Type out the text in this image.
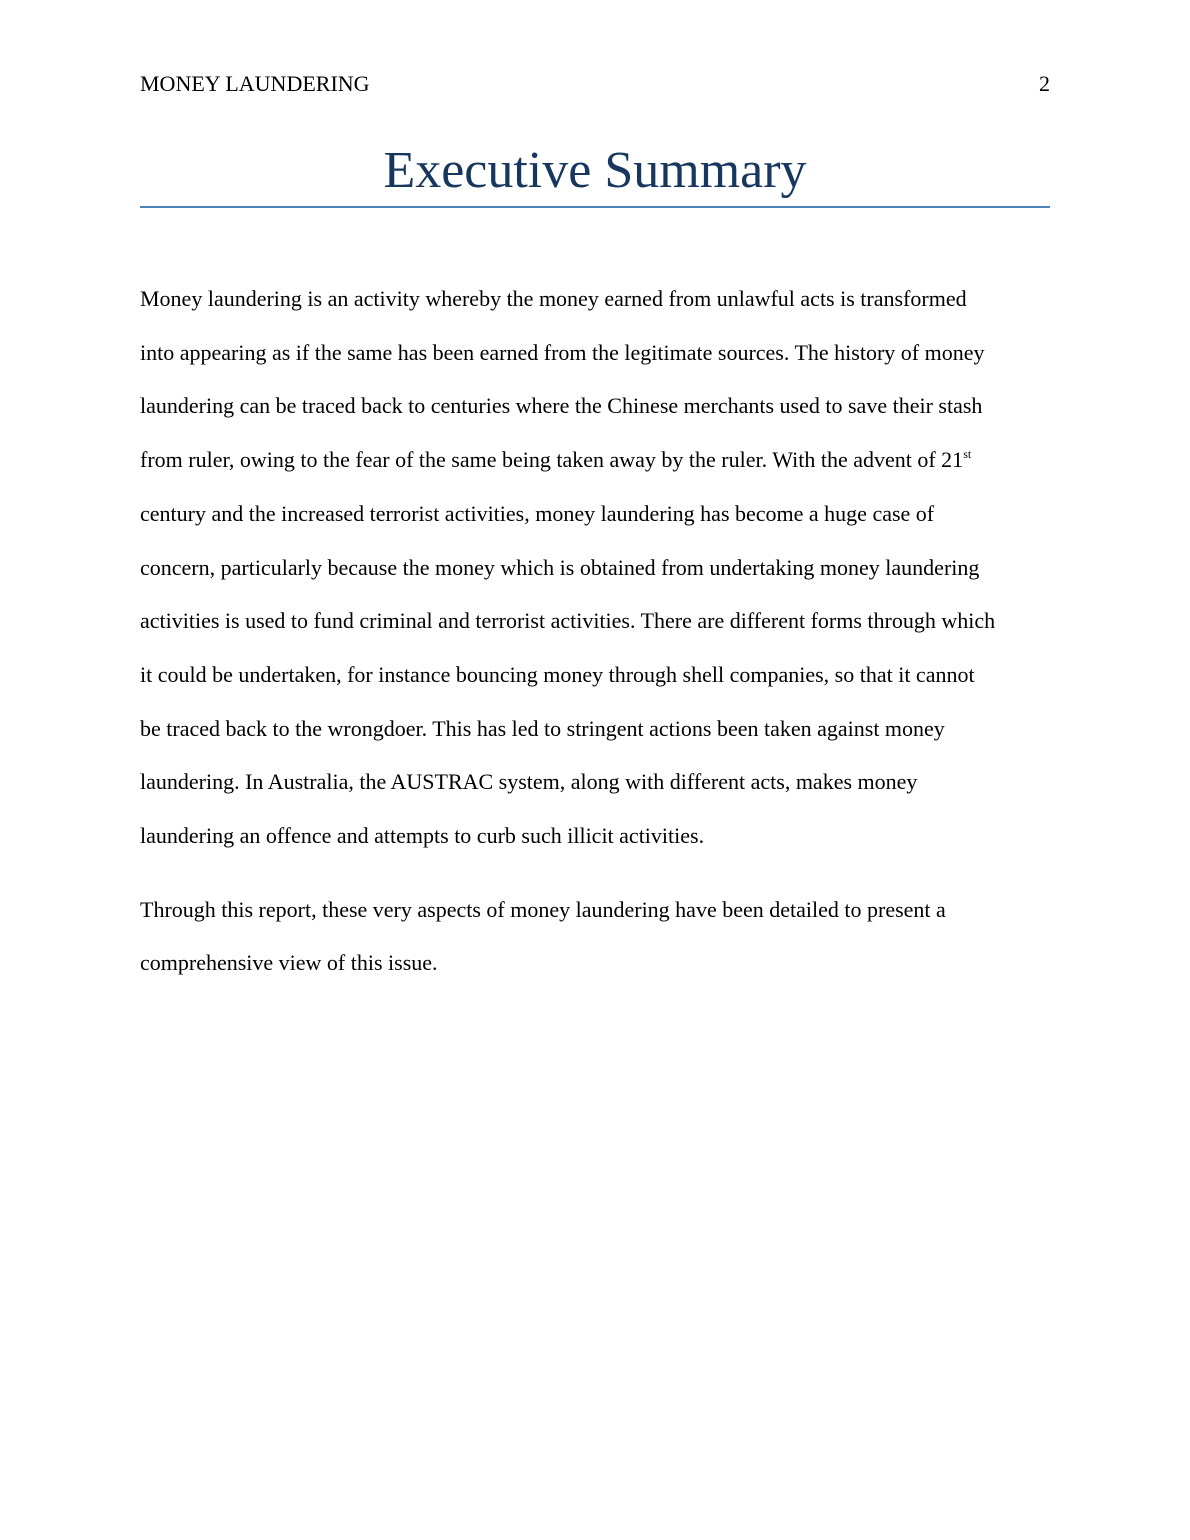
MONEY LAUNDERING	2
Executive Summary

Money laundering is an activity whereby the money earned from unlawful acts is transformed
into appearing as if the same has been earned from the legitimate sources. The history of money
laundering can be traced back to centuries where the Chinese merchants used to save their stash
from ruler, owing to the fear of the same being taken away by the ruler. With the advent of 21st
century and the increased terrorist activities, money laundering has become a huge case of
concern, particularly because the money which is obtained from undertaking money laundering
activities is used to fund criminal and terrorist activities. There are different forms through which
it could be undertaken, for instance bouncing money through shell companies, so that it cannot
be traced back to the wrongdoer. This has led to stringent actions been taken against money
laundering. In Australia, the AUSTRAC system, along with different acts, makes money
laundering an offence and attempts to curb such illicit activities.

Through this report, these very aspects of money laundering have been detailed to present a
comprehensive view of this issue.
